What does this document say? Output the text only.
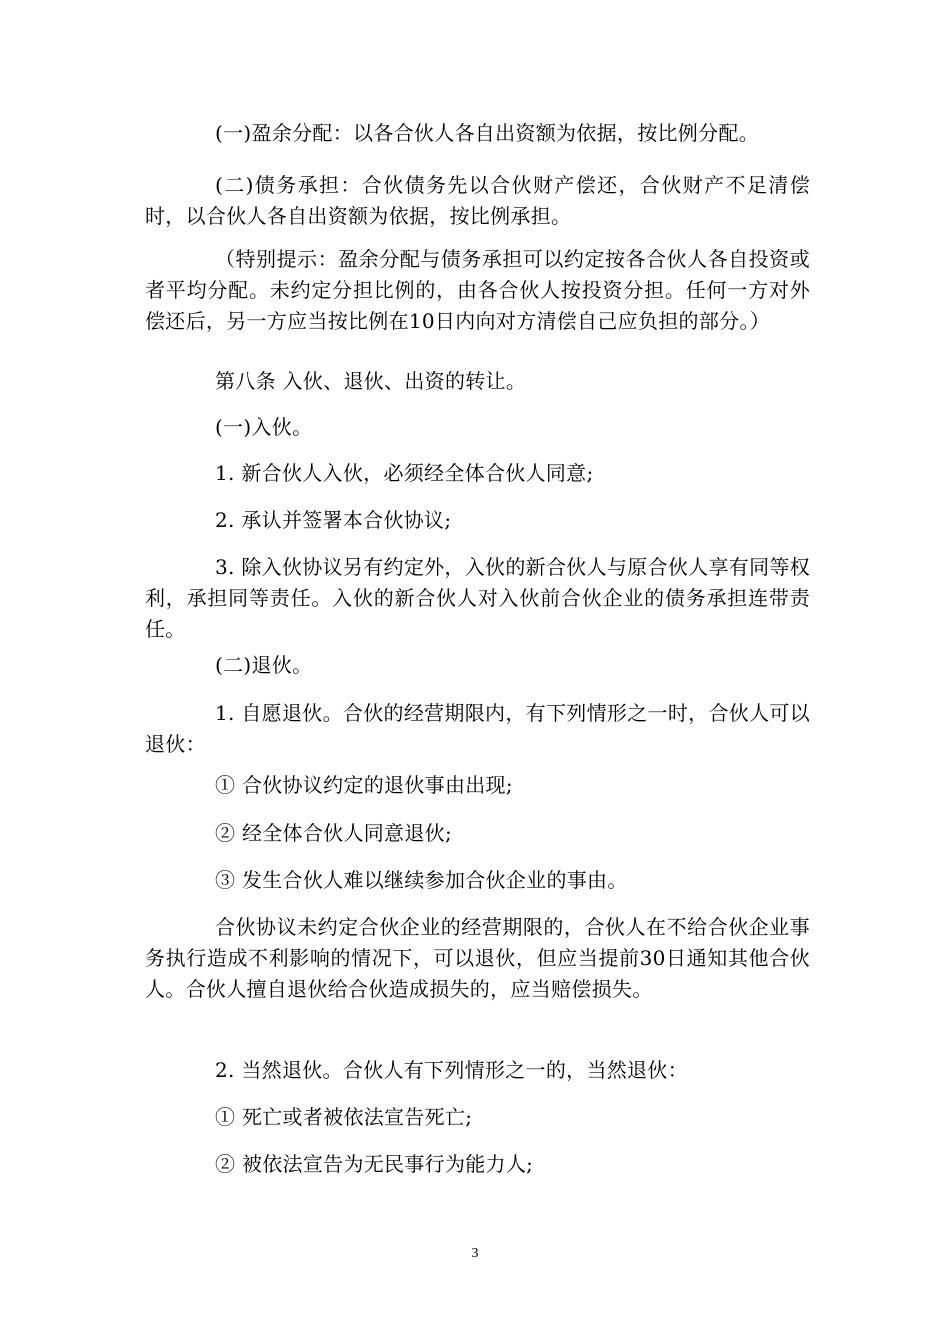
(一)盈余分配：以各合伙人各自出资额为依据，按比例分配。

(二)债务承担：合伙债务先以合伙财产偿还，合伙财产不足清偿时，以合伙人各自出资额为依据，按比例承担。

（特别提示：盈余分配与债务承担可以约定按各合伙人各自投资或者平均分配。未约定分担比例的，由各合伙人按投资分担。任何一方对外偿还后，另一方应当按比例在10日内向对方清偿自己应负担的部分。）

第八条 入伙、退伙、出资的转让。

(一)入伙。

1. 新合伙人入伙，必须经全体合伙人同意;

2. 承认并签署本合伙协议;

3. 除入伙协议另有约定外，入伙的新合伙人与原合伙人享有同等权利，承担同等责任。入伙的新合伙人对入伙前合伙企业的债务承担连带责任。

(二)退伙。

1. 自愿退伙。合伙的经营期限内，有下列情形之一时，合伙人可以退伙：

① 合伙协议约定的退伙事由出现;

② 经全体合伙人同意退伙;

③ 发生合伙人难以继续参加合伙企业的事由。

合伙协议未约定合伙企业的经营期限的，合伙人在不给合伙企业事务执行造成不利影响的情况下，可以退伙，但应当提前30日通知其他合伙人。合伙人擅自退伙给合伙造成损失的，应当赔偿损失。

2. 当然退伙。合伙人有下列情形之一的，当然退伙：

① 死亡或者被依法宣告死亡;

② 被依法宣告为无民事行为能力人;

3
